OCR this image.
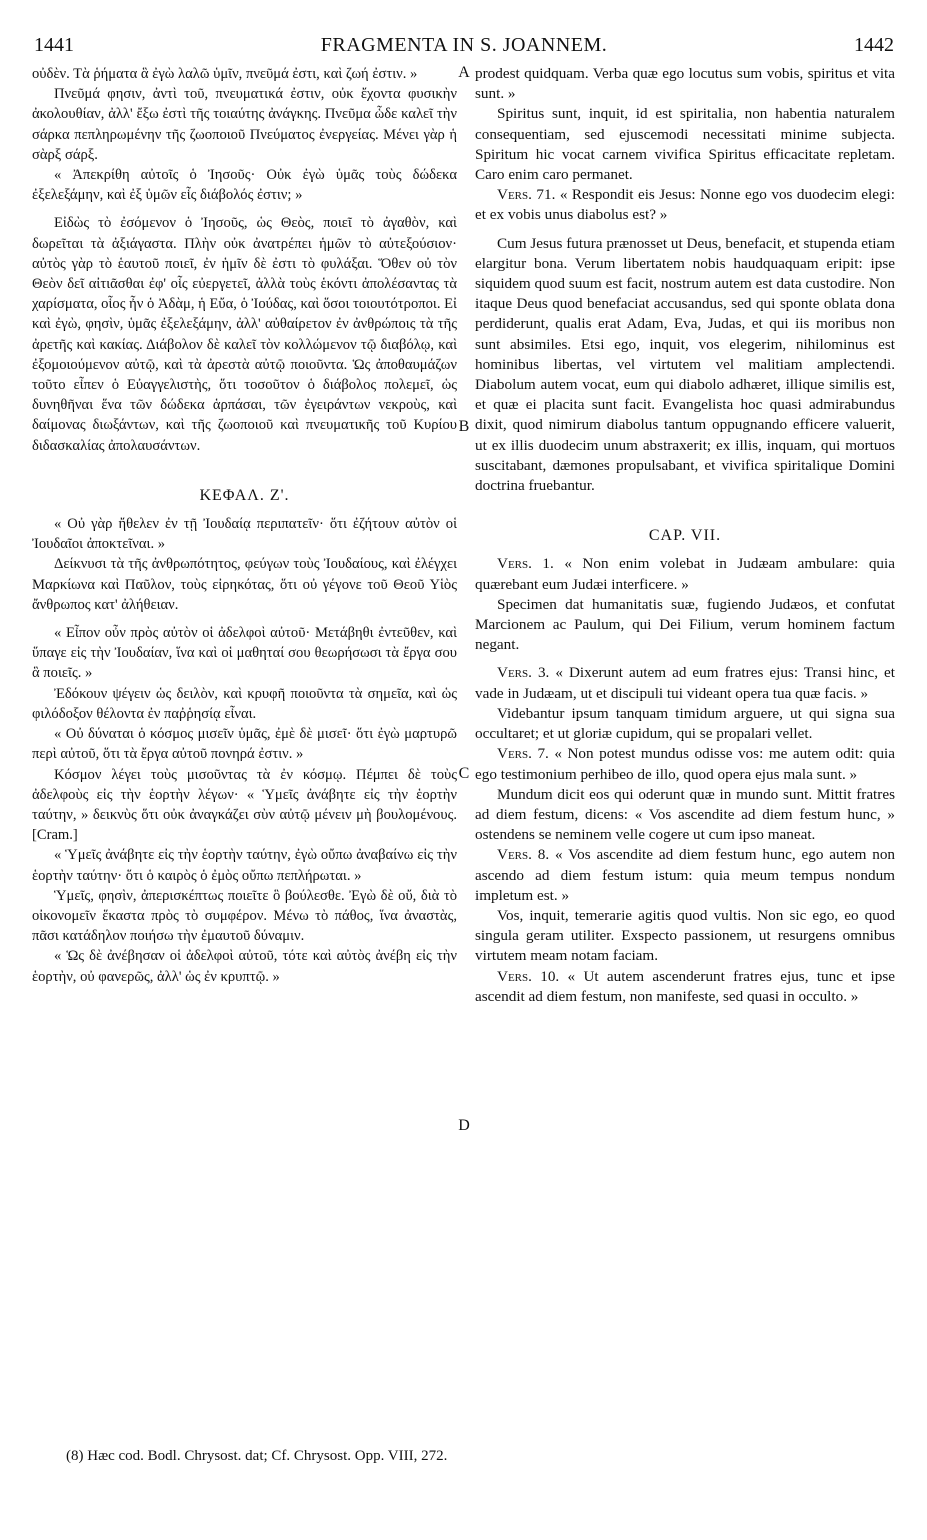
1441	FRAGMENTA IN S. JOANNEM.	1442

οὐδὲν. Τὰ ῥήματα ἃ ἐγὼ λαλῶ ὑμῖν, πνεῦμά ἐστι, καὶ ζωή ἐστιν. »

Πνεῦμά φησιν, ἀντὶ τοῦ, πνευματικά ἐστιν, οὐκ ἔχοντα φυσικὴν ἀκολουθίαν, ἀλλ' ἔξω ἐστὶ τῆς τοιαύτης ἀνάγκης. Πνεῦμα ὧδε καλεῖ τὴν σάρκα πεπληρωμένην τῆς ζωοποιοῦ Πνεύματος ἐνεργείας. Μένει γὰρ ἡ σὰρξ σάρξ.

« Ἀπεκρίθη αὐτοῖς ὁ Ἰησοῦς· Οὐκ ἐγὼ ὑμᾶς τοὺς δώδεκα ἐξελεξάμην, καὶ ἐξ ὑμῶν εἷς διάβολός ἐστιν; »

Εἰδὼς τὸ ἐσόμενον ὁ Ἰησοῦς, ὡς Θεὸς, ποιεῖ τὸ ἀγαθὸν, καὶ δωρεῖται τὰ ἀξιάγαστα. Πλὴν οὐκ ἀνατρέπει ἡμῶν τὸ αὐτεξούσιον· αὐτὸς γὰρ τὸ ἑαυτοῦ ποιεῖ, ἐν ἡμῖν δὲ ἐστι τὸ φυλάξαι. Ὅθεν οὐ τὸν Θεὸν δεῖ αἰτιᾶσθαι ἐφ' οἷς εὐεργετεῖ, ἀλλὰ τοὺς ἑκόντι ἀπολέσαντας τὰ χαρίσματα, οἷος ἦν ὁ Ἀδὰμ, ἡ Εὔα, ὁ Ἰούδας, καὶ ὅσοι τοιουτότροποι. Εἰ καὶ ἐγὼ, φησὶν, ὑμᾶς ἐξελεξάμην, ἀλλ' αὐθαίρετον ἐν ἀνθρώποις τὰ τῆς ἀρετῆς καὶ κακίας. Διάβολον δὲ καλεῖ τὸν κολλώμενον τῷ διαβόλῳ, καὶ ἐξομοιούμενον αὐτῷ, καὶ τὰ ἀρεστὰ αὐτῷ ποιοῦντα. Ὡς ἀποθαυμάζων τοῦτο εἶπεν ὁ Εὐαγγελιστὴς, ὅτι τοσοῦτον ὁ διάβολος πολεμεῖ, ὡς δυνηθῆναι ἕνα τῶν δώδεκα ἁρπάσαι, τῶν ἐγειράντων νεκροὺς, καὶ δαίμονας διωξάντων, καὶ τῆς ζωοποιοῦ καὶ πνευματικῆς τοῦ Κυρίου διδασκαλίας ἀπολαυσάντων.

ΚΕΦΑΛ. Ζ'.

« Οὐ γὰρ ἤθελεν ἐν τῇ Ἰουδαίᾳ περιπατεῖν· ὅτι ἐζήτουν αὐτὸν οἱ Ἰουδαῖοι ἀποκτεῖναι. »

Δείκνυσι τὰ τῆς ἀνθρωπότητος, φεύγων τοὺς Ἰουδαίους, καὶ ἐλέγχει Μαρκίωνα καὶ Παῦλον, τοὺς εἰρηκότας, ὅτι οὐ γέγονε τοῦ Θεοῦ Υἱὸς ἄνθρωπος κατ' ἀλήθειαν.

« Εἶπον οὖν πρὸς αὐτὸν οἱ ἀδελφοὶ αὐτοῦ· Μετάβηθι ἐντεῦθεν, καὶ ὕπαγε εἰς τὴν Ἰουδαίαν, ἵνα καὶ οἱ μαθηταί σου θεωρήσωσι τὰ ἔργα σου ἃ ποιεῖς. »

Ἐδόκουν ψέγειν ὡς δειλὸν, καὶ κρυφῆ ποιοῦντα τὰ σημεῖα, καὶ ὡς φιλόδοξον θέλοντα ἐν παῤῥησίᾳ εἶναι.

« Οὐ δύναται ὁ κόσμος μισεῖν ὑμᾶς, ἐμὲ δὲ μισεῖ· ὅτι ἐγὼ μαρτυρῶ περὶ αὐτοῦ, ὅτι τὰ ἔργα αὐτοῦ πονηρά ἐστιν. »

Κόσμον λέγει τοὺς μισοῦντας τὰ ἐν κόσμῳ. Πέμπει δὲ τοὺς ἀδελφοὺς εἰς τὴν ἑορτὴν λέγων· « Ὑμεῖς ἀνάβητε εἰς τὴν ἑορτὴν ταύτην, » δεικνὺς ὅτι οὐκ ἀναγκάζει σὺν αὐτῷ μένειν μὴ βουλομένους. [Cram.]

« Ὑμεῖς ἀνάβητε εἰς τὴν ἑορτὴν ταύτην, ἐγὼ οὔπω ἀναβαίνω εἰς τὴν ἑορτὴν ταύτην· ὅτι ὁ καιρὸς ὁ ἐμὸς οὔπω πεπλήρωται. »

Ὑμεῖς, φησὶν, ἀπερισκέπτως ποιεῖτε ὃ βούλεσθε. Ἐγὼ δὲ οὔ, διὰ τὸ οἰκονομεῖν ἕκαστα πρὸς τὸ συμφέρον. Μένω τὸ πάθος, ἵνα ἀναστὰς, πᾶσι κατάδηλον ποιήσω τὴν ἐμαυτοῦ δύναμιν.

« Ὡς δὲ ἀνέβησαν οἱ ἀδελφοὶ αὐτοῦ, τότε καὶ αὐτὸς ἀνέβη εἰς τὴν ἑορτὴν, οὐ φανερῶς, ἀλλ' ὡς ἐν κρυπτῷ. »

A
B
C
D

prodest quidquam. Verba quæ ego locutus sum vobis, spiritus et vita sunt. »

Spiritus sunt, inquit, id est spiritalia, non habentia naturalem consequentiam, sed ejuscemodi necessitati minime subjecta. Spiritum hic vocat carnem vivifica Spiritus efficacitate repletam. Caro enim caro permanet.

Vers. 71. « Respondit eis Jesus: Nonne ego vos duodecim elegi: et ex vobis unus diabolus est? »

Cum Jesus futura prænosset ut Deus, benefacit, et stupenda etiam elargitur bona. Verum libertatem nobis haudquaquam eripit: ipse siquidem quod suum est facit, nostrum autem est data custodire. Non itaque Deus quod benefaciat accusandus, sed qui sponte oblata dona perdiderunt, qualis erat Adam, Eva, Judas, et qui iis moribus non sunt absimiles. Etsi ego, inquit, vos elegerim, nihilominus est hominibus libertas, vel virtutem vel malitiam amplectendi. Diabolum autem vocat, eum qui diabolo adhæret, illique similis est, et quæ ei placita sunt facit. Evangelista hoc quasi admirabundus dixit, quod nimirum diabolus tantum oppugnando efficere valuerit, ut ex illis duodecim unum abstraxerit; ex illis, inquam, qui mortuos suscitabant, dæmones propulsabant, et vivifica spiritalique Domini doctrina fruebantur.

CAP. VII.

Vers. 1. « Non enim volebat in Judæam ambulare: quia quærebant eum Judæi interficere. »

Specimen dat humanitatis suæ, fugiendo Judæos, et confutat Marcionem ac Paulum, qui Dei Filium, verum hominem factum negant.

Vers. 3. « Dixerunt autem ad eum fratres ejus: Transi hinc, et vade in Judæam, ut et discipuli tui videant opera tua quæ facis. »

Videbantur ipsum tanquam timidum arguere, ut qui signa sua occultaret; et ut gloriæ cupidum, qui se propalari vellet.

Vers. 7. « Non potest mundus odisse vos: me autem odit: quia ego testimonium perhibeo de illo, quod opera ejus mala sunt. »

Mundum dicit eos qui oderunt quæ in mundo sunt. Mittit fratres ad diem festum, dicens: « Vos ascendite ad diem festum hunc, » ostendens se neminem velle cogere ut cum ipso maneat.

Vers. 8. « Vos ascendite ad diem festum hunc, ego autem non ascendo ad diem festum istum: quia meum tempus nondum impletum est. »

Vos, inquit, temerarie agitis quod vultis. Non sic ego, eo quod singula geram utiliter. Exspecto passionem, ut resurgens omnibus virtutem meam notam faciam.

Vers. 10. « Ut autem ascenderunt fratres ejus, tunc et ipse ascendit ad diem festum, non manifeste, sed quasi in occulto. »

(8) Hæc cod. Bodl. Chrysost. dat; Cf. Chrysost. Opp. VIII, 272.
